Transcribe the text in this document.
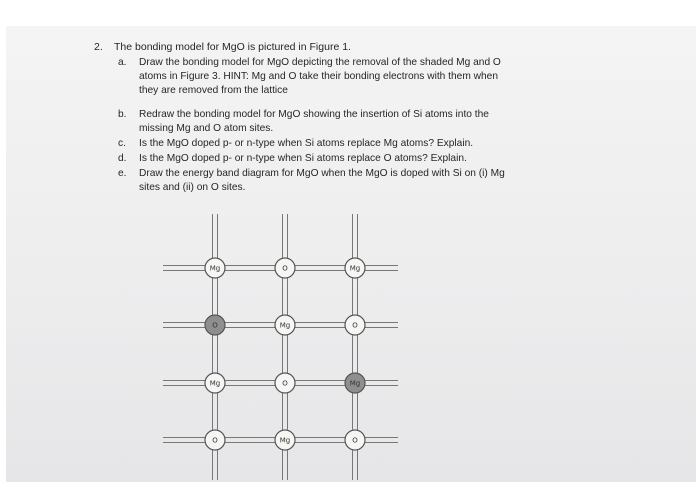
2. The bonding model for MgO is pictured in Figure 1.
a.	Draw the bonding model for MgO depicting the removal of the shaded Mg and O
atoms in Figure 3. HINT: Mg and O take their bonding electrons with them when
they are removed from the lattice
b.	Redraw the bonding model for MgO showing the insertion of Si atoms into the
missing Mg and O atom sites.
c.	Is the MgO doped p- or n-type when Si atoms replace Mg atoms? Explain.
d.	Is the MgO doped p- or n-type when Si atoms replace O atoms? Explain.
e.	Draw the energy band diagram for MgO when the MgO is doped with Si on (i) Mg
sites and (ii) on O sites.
Mg	O	Mg
O	Mg	O
Mg	O	Mg
O	Mg	O
